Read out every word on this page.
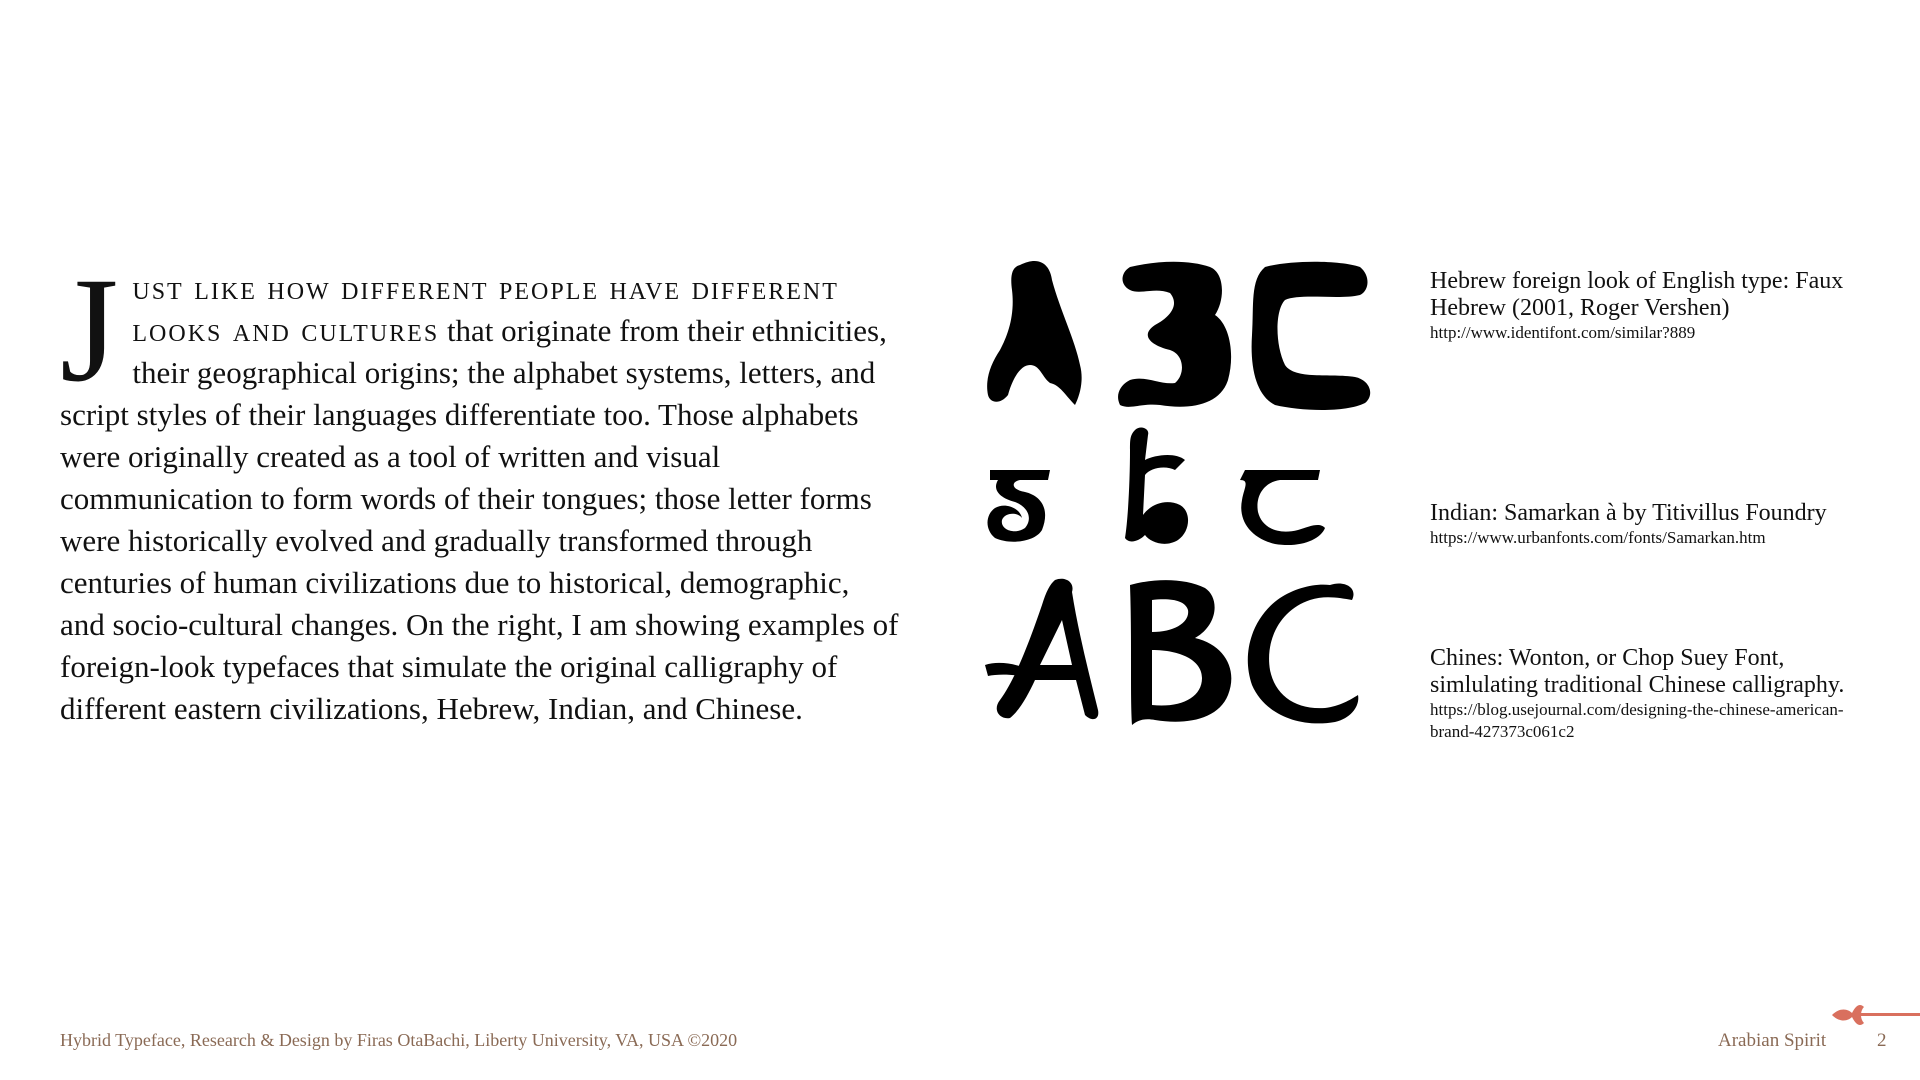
J ust like how different people have different looks and cultures that originate from their ethnicities, their geographical origins; the alphabet systems, letters, and script styles of their languages differentiate too. Those alphabets were originally created as a tool of written and visual communication to form words of their tongues; those letter forms were historically evolved and gradually transformed through centuries of human civilizations due to historical, demographic, and socio-cultural changes. On the right, I am showing examples of foreign-look typefaces that simulate the original calligraphy of different eastern civilizations, Hebrew, Indian, and Chinese.
Hebrew foreign look of English type: Faux Hebrew (2001, Roger Vershen)
http://www.identifont.com/similar?889
Indian: Samarkan à by Titivillus Foundry
https://www.urbanfonts.com/fonts/Samarkan.htm
Chines: Wonton, or Chop Suey Font, simlulating traditional Chinese calligraphy.
https://blog.usejournal.com/designing-the-chinese-american-brand-427373c061c2
Hybrid Typeface, Research & Design by Firas OtaBachi, Liberty University, VA, USA ©2020	Arabian Spirit	2
